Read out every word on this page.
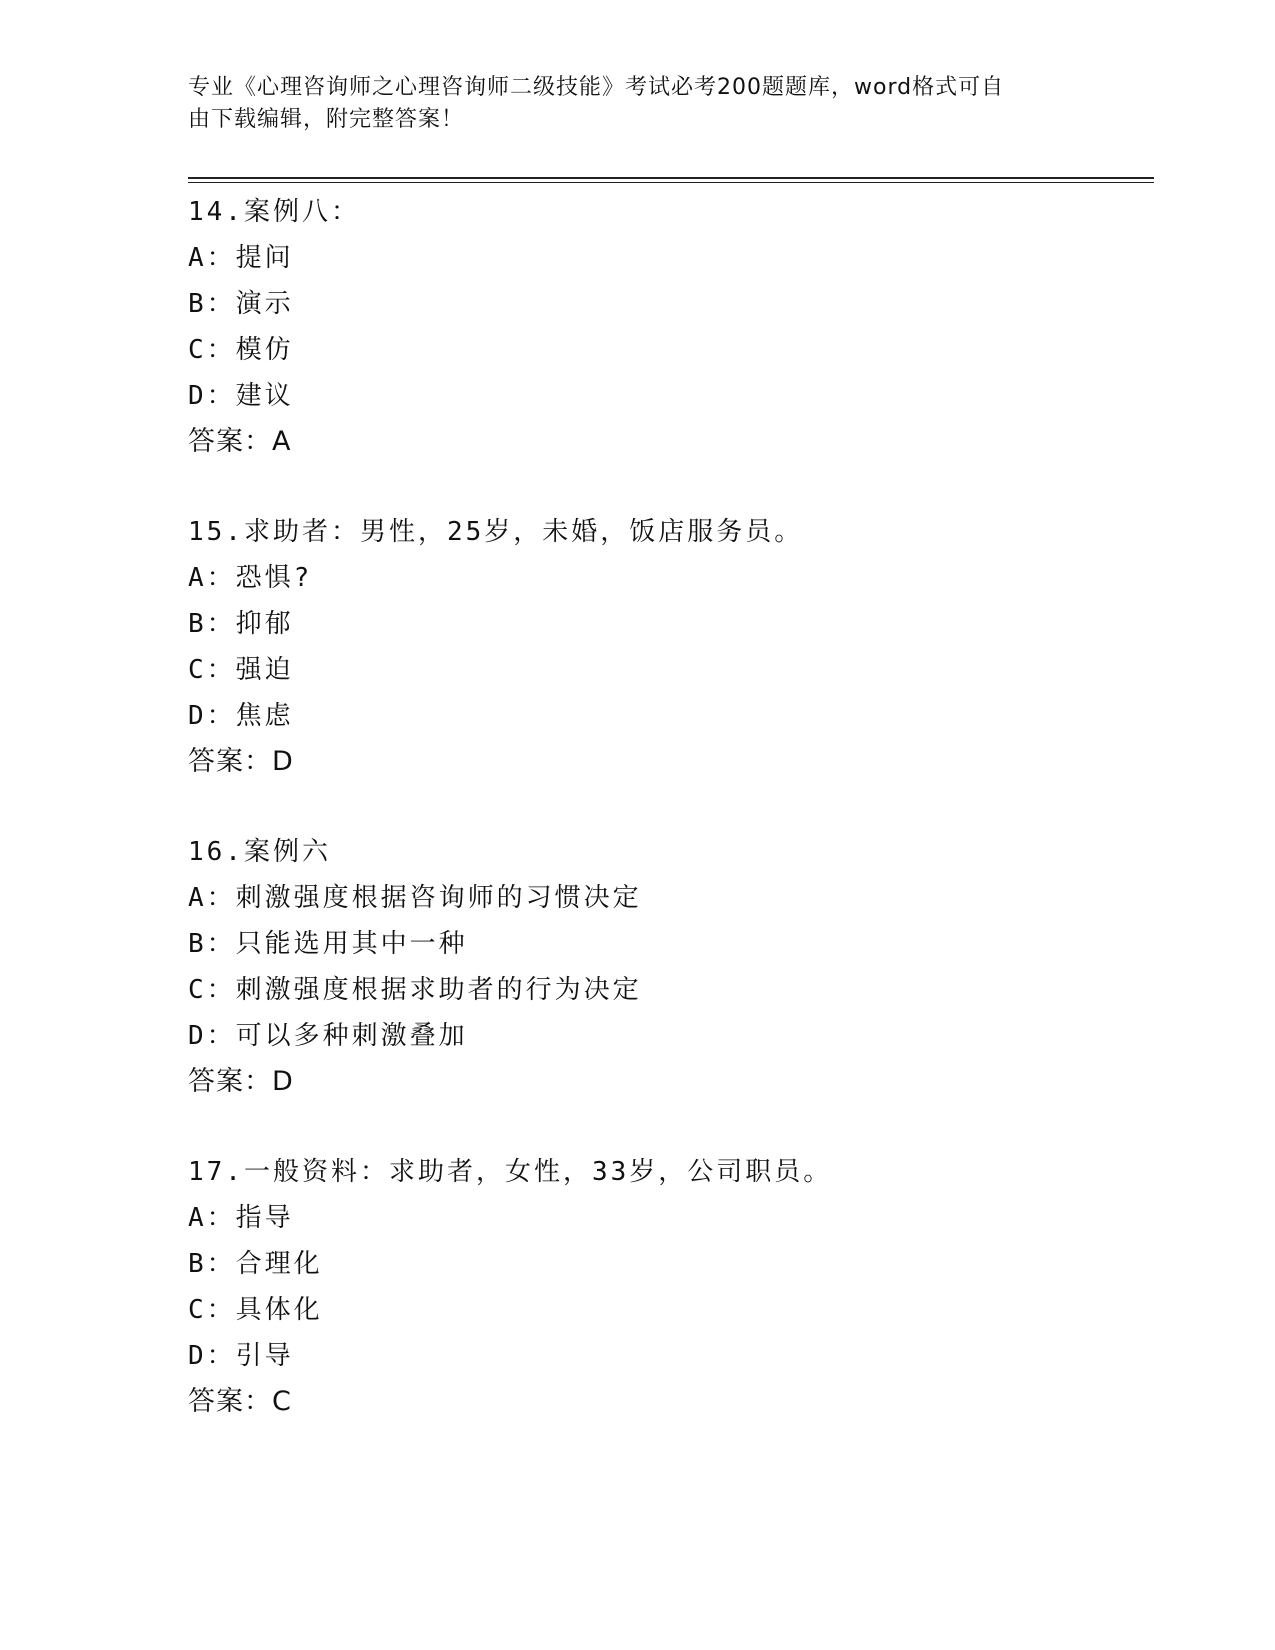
专业《心理咨询师之心理咨询师二级技能》考试必考200题题库，word格式可自
由下载编辑，附完整答案！
14.案例八：
A：提问
B：演示
C：模仿
D：建议
答案：A
15.求助者：男性，25岁，未婚，饭店服务员。
A：恐惧?
B：抑郁
C：强迫
D：焦虑
答案：D
16.案例六
A：刺激强度根据咨询师的习惯决定
B：只能选用其中一种
C：刺激强度根据求助者的行为决定
D：可以多种刺激叠加
答案：D
17.一般资料：求助者，女性，33岁，公司职员。
A：指导
B：合理化
C：具体化
D：引导
答案：C
